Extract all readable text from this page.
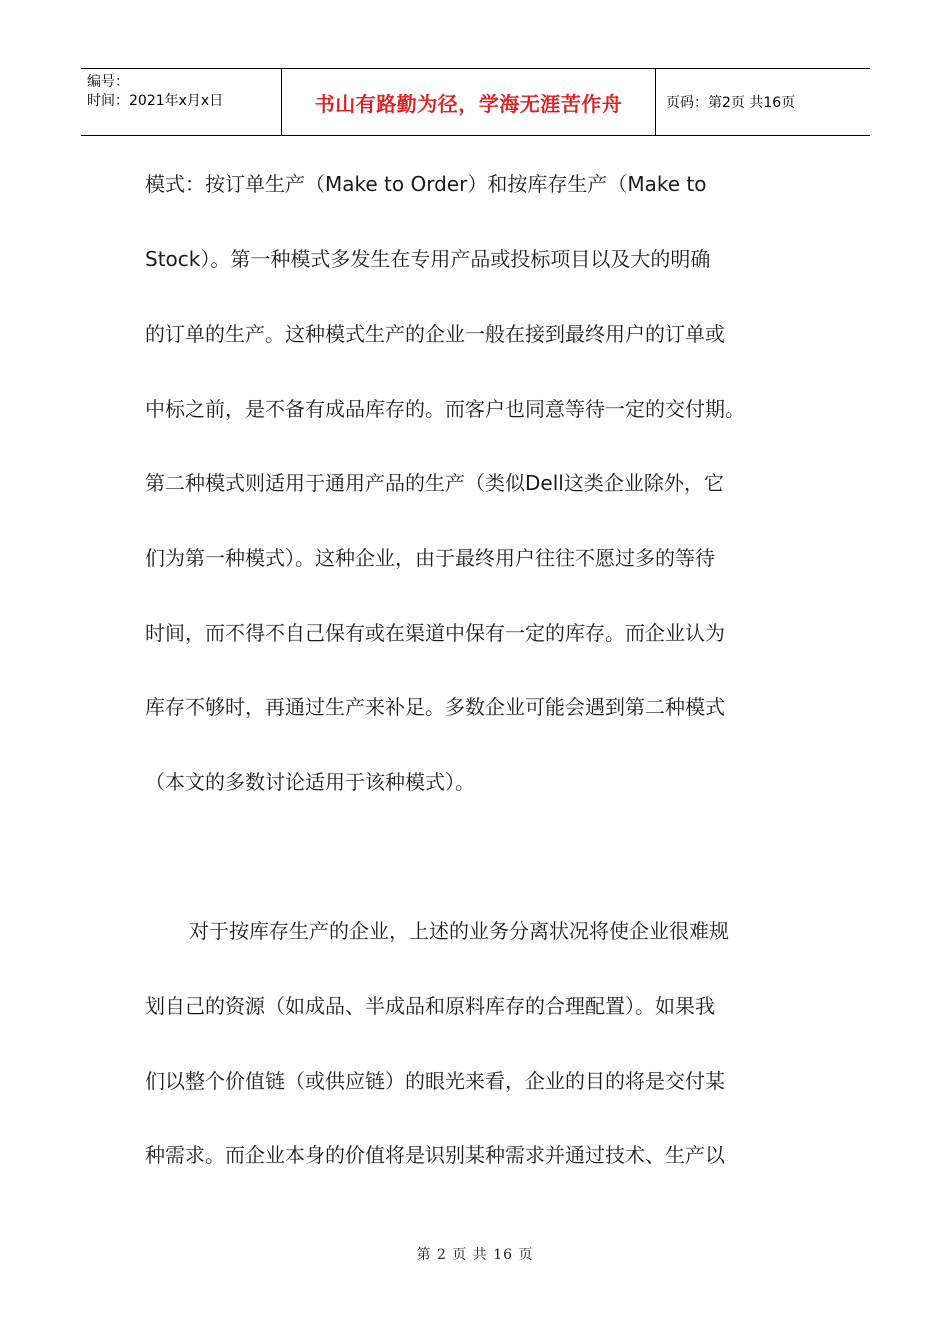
编号：
时间：2021年x月x日	书山有路勤为径，学海无涯苦作舟	页码：第2页 共16页
模式：按订单生产（Make to Order）和按库存生产（Make to
Stock）。第一种模式多发生在专用产品或投标项目以及大的明确
的订单的生产。这种模式生产的企业一般在接到最终用户的订单或
中标之前，是不备有成品库存的。而客户也同意等待一定的交付期。
第二种模式则适用于通用产品的生产（类似Dell这类企业除外，它
们为第一种模式）。这种企业，由于最终用户往往不愿过多的等待
时间，而不得不自己保有或在渠道中保有一定的库存。而企业认为
库存不够时，再通过生产来补足。多数企业可能会遇到第二种模式
（本文的多数讨论适用于该种模式）。
对于按库存生产的企业，上述的业务分离状况将使企业很难规
划自己的资源（如成品、半成品和原料库存的合理配置）。如果我
们以整个价值链（或供应链）的眼光来看，企业的目的将是交付某
种需求。而企业本身的价值将是识别某种需求并通过技术、生产以
第 2 页 共 16 页
